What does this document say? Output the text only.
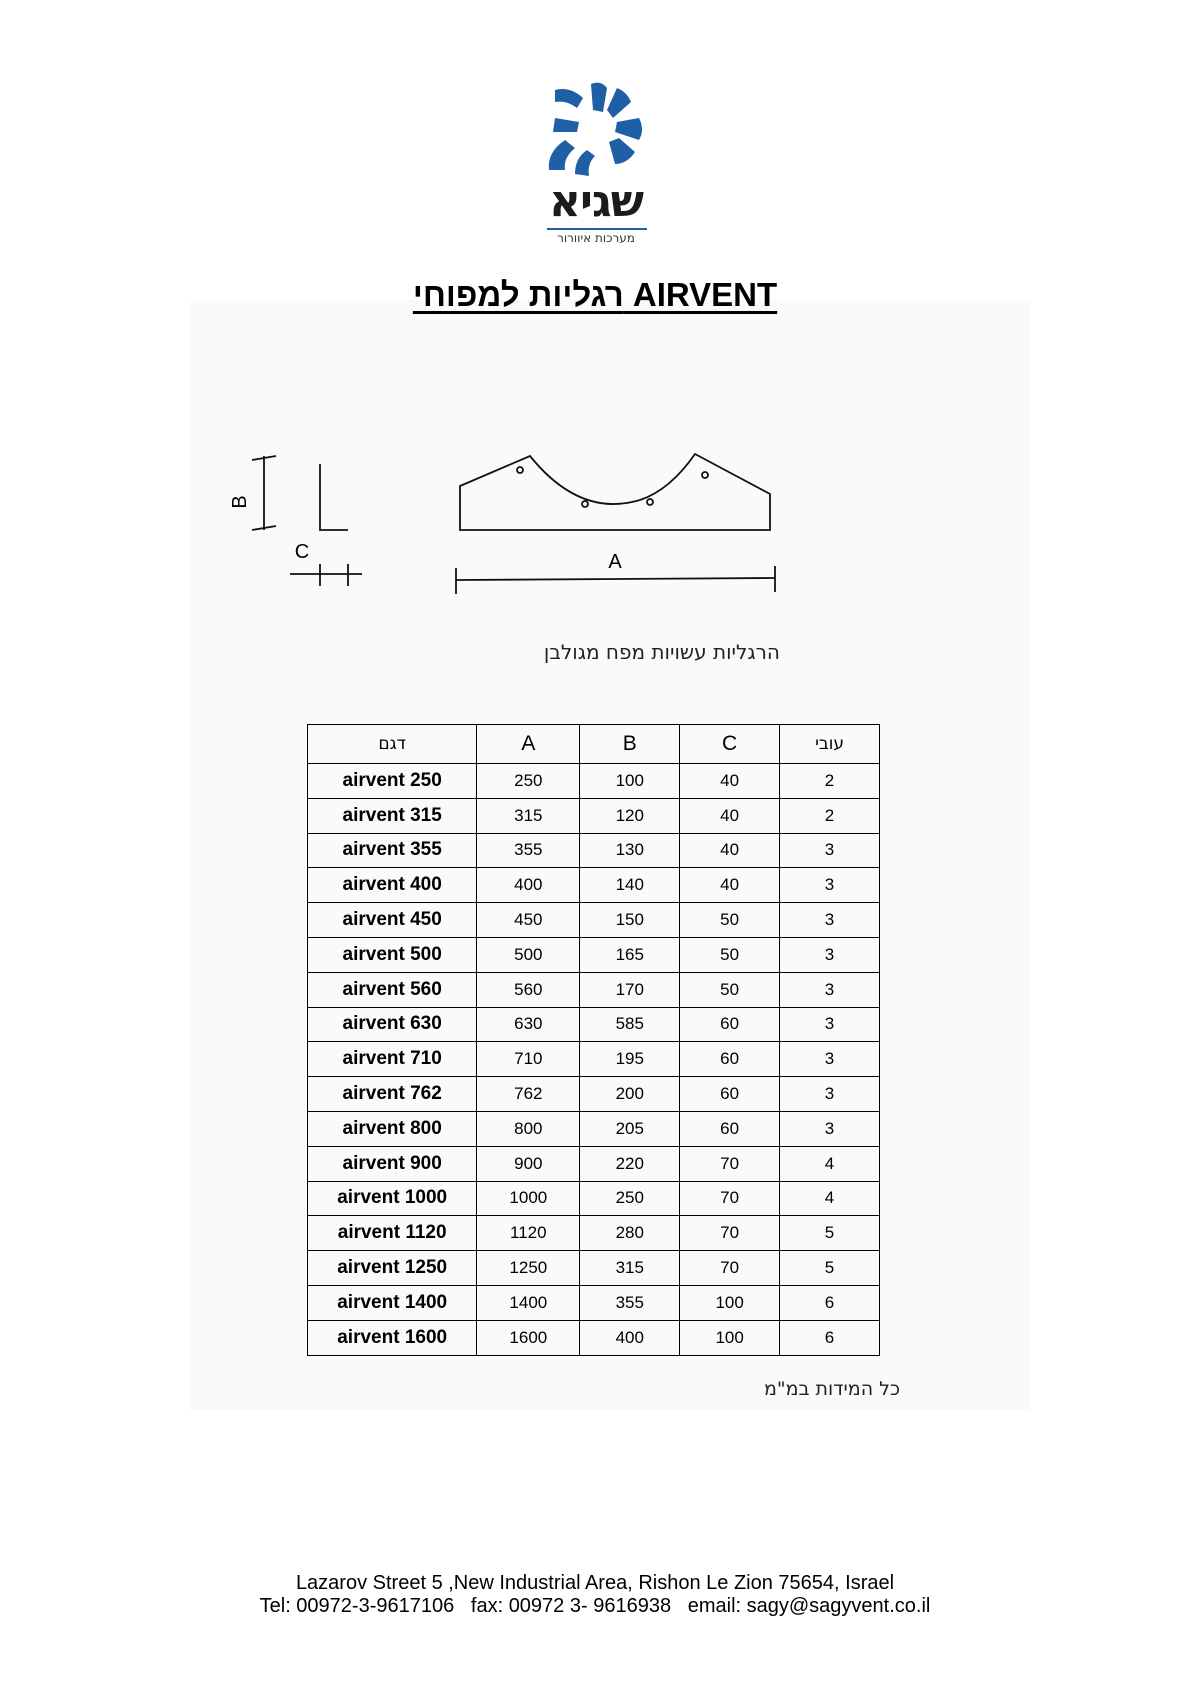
שגיא
מערכות איוורור
רגליות למפוחי AIRVENT
B
C	A
הרגליות עשויות מפח מגולבן
דגם	A	B	C	עובי
airvent 250	250	100	40	2
airvent 315	315	120	40	2
airvent 355	355	130	40	3
airvent 400	400	140	40	3
airvent 450	450	150	50	3
airvent 500	500	165	50	3
airvent 560	560	170	50	3
airvent 630	630	585	60	3
airvent 710	710	195	60	3
airvent 762	762	200	60	3
airvent 800	800	205	60	3
airvent 900	900	220	70	4
airvent 1000	1000	250	70	4
airvent 1120	1120	280	70	5
airvent 1250	1250	315	70	5
airvent 1400	1400	355	100	6
airvent 1600	1600	400	100	6
כל המידות במ"מ
Lazarov Street 5 ,New Industrial Area, Rishon Le Zion 75654, Israel
Tel: 00972-3-9617106   fax: 00972 3- 9616938   email: sagy@sagyvent.co.il
